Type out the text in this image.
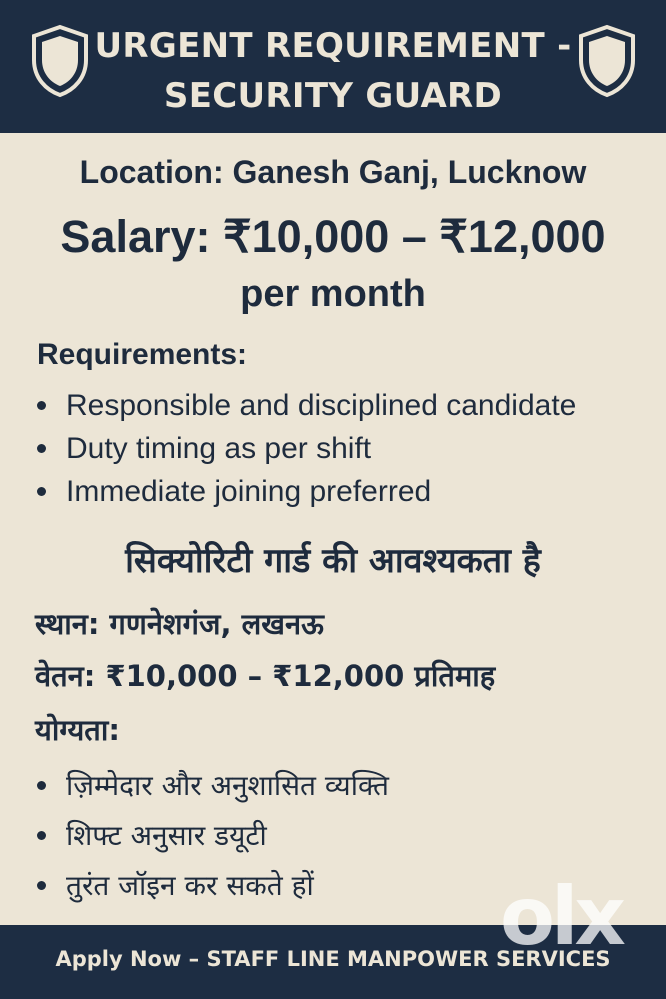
URGENT REQUIREMENT -
SECURITY GUARD
Location: Ganesh Ganj, Lucknow
Salary: ₹10,000 – ₹12,000
per month
Requirements:
Responsible and disciplined candidate
Duty timing as per shift
Immediate joining preferred
सिक्योरिटी गार्ड की आवश्यकता है
स्थान: गणनेशगंज, लखनऊ
वेतन: ₹10,000 – ₹12,000 प्रतिमाह
योग्यता:
ज़िम्मेदार और अनुशासित व्यक्ति
शिफ्ट अनुसार डयूटी
तुरंत जॉइन कर सकते हों
Apply Now – STAFF LINE MANPOWER SERVICES
olx
